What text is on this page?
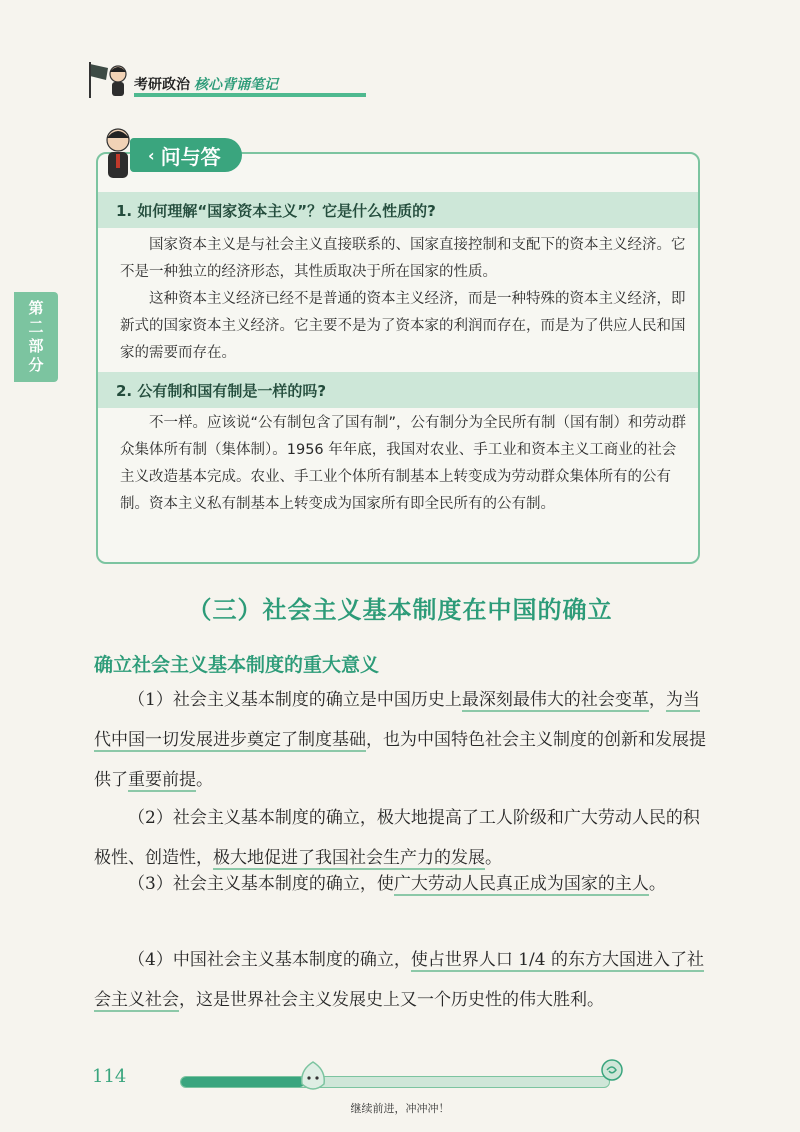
考研政治 核心背诵笔记
第
二
部
分
‹ 问与答
1. 如何理解“国家资本主义”？它是什么性质的?

国家资本主义是与社会主义直接联系的、国家直接控制和支配下的资本主义经济。它不是一种独立的经济形态，其性质取决于所在国家的性质。

这种资本主义经济已经不是普通的资本主义经济，而是一种特殊的资本主义经济，即新式的国家资本主义经济。它主要不是为了资本家的利润而存在，而是为了供应人民和国家的需要而存在。

2. 公有制和国有制是一样的吗?

不一样。应该说“公有制包含了国有制”，公有制分为全民所有制（国有制）和劳动群众集体所有制（集体制）。1956 年年底，我国对农业、手工业和资本主义工商业的社会主义改造基本完成。农业、手工业个体所有制基本上转变成为劳动群众集体所有的公有制。资本主义私有制基本上转变成为国家所有即全民所有的公有制。

（三）社会主义基本制度在中国的确立
确立社会主义基本制度的重大意义

（1）社会主义基本制度的确立是中国历史上最深刻最伟大的社会变革，为当代中国一切发展进步奠定了制度基础，也为中国特色社会主义制度的创新和发展提供了重要前提。

（2）社会主义基本制度的确立，极大地提高了工人阶级和广大劳动人民的积极性、创造性，极大地促进了我国社会生产力的发展。

（3）社会主义基本制度的确立，使广大劳动人民真正成为国家的主人。

（4）中国社会主义基本制度的确立，使占世界人口 1/4 的东方大国进入了社会主义社会，这是世界社会主义发展史上又一个历史性的伟大胜利。

114
继续前进，冲冲冲！
